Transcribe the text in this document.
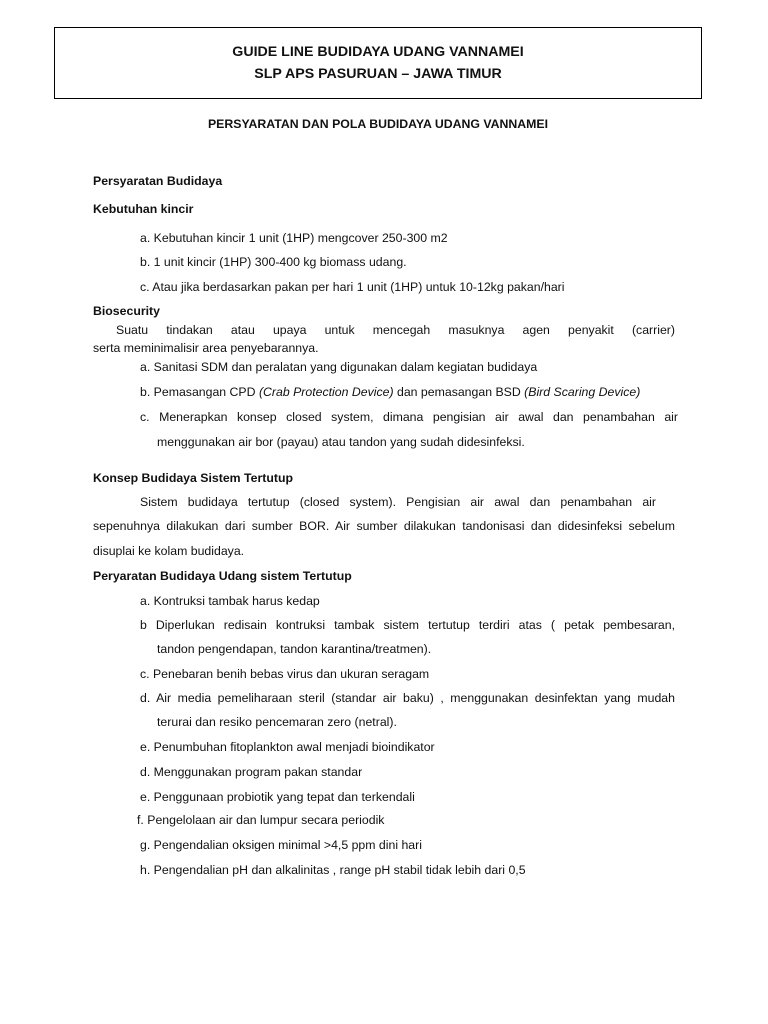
GUIDE LINE BUDIDAYA UDANG VANNAMEI
SLP APS PASURUAN – JAWA TIMUR
PERSYARATAN DAN POLA BUDIDAYA UDANG VANNAMEI
Persyaratan Budidaya
Kebutuhan kincir
a. Kebutuhan kincir 1 unit (1HP) mengcover 250-300 m2
b. 1 unit kincir (1HP) 300-400 kg biomass udang.
c. Atau jika berdasarkan pakan per hari 1 unit (1HP) untuk 10-12kg pakan/hari
Biosecurity
Suatu tindakan atau upaya untuk mencegah masuknya agen penyakit (carrier)
serta meminimalisir area penyebarannya.
a. Sanitasi SDM dan peralatan yang digunakan dalam kegiatan budidaya
b. Pemasangan CPD (Crab Protection Device) dan pemasangan BSD (Bird Scaring Device)
c. Menerapkan konsep closed system, dimana pengisian air awal dan penambahan air
menggunakan air bor (payau) atau tandon yang sudah didesinfeksi.
Konsep Budidaya Sistem Tertutup
Sistem budidaya tertutup (closed system). Pengisian air awal dan penambahan air
sepenuhnya dilakukan dari sumber BOR. Air sumber dilakukan tandonisasi dan didesinfeksi sebelum
disuplai ke kolam budidaya.
Peryaratan Budidaya Udang sistem Tertutup
a. Kontruksi tambak harus kedap
b Diperlukan redisain kontruksi tambak sistem tertutup terdiri atas ( petak pembesaran,
tandon pengendapan, tandon karantina/treatmen).
c. Penebaran benih bebas virus dan ukuran seragam
d. Air media pemeliharaan steril (standar air baku) , menggunakan desinfektan yang mudah
terurai dan resiko pencemaran zero (netral).
e. Penumbuhan fitoplankton awal menjadi bioindikator
d. Menggunakan program pakan standar
e. Penggunaan probiotik yang tepat dan terkendali
f. Pengelolaan air dan lumpur secara periodik
g. Pengendalian oksigen minimal >4,5 ppm dini hari
h. Pengendalian pH dan alkalinitas , range pH stabil tidak lebih dari 0,5
